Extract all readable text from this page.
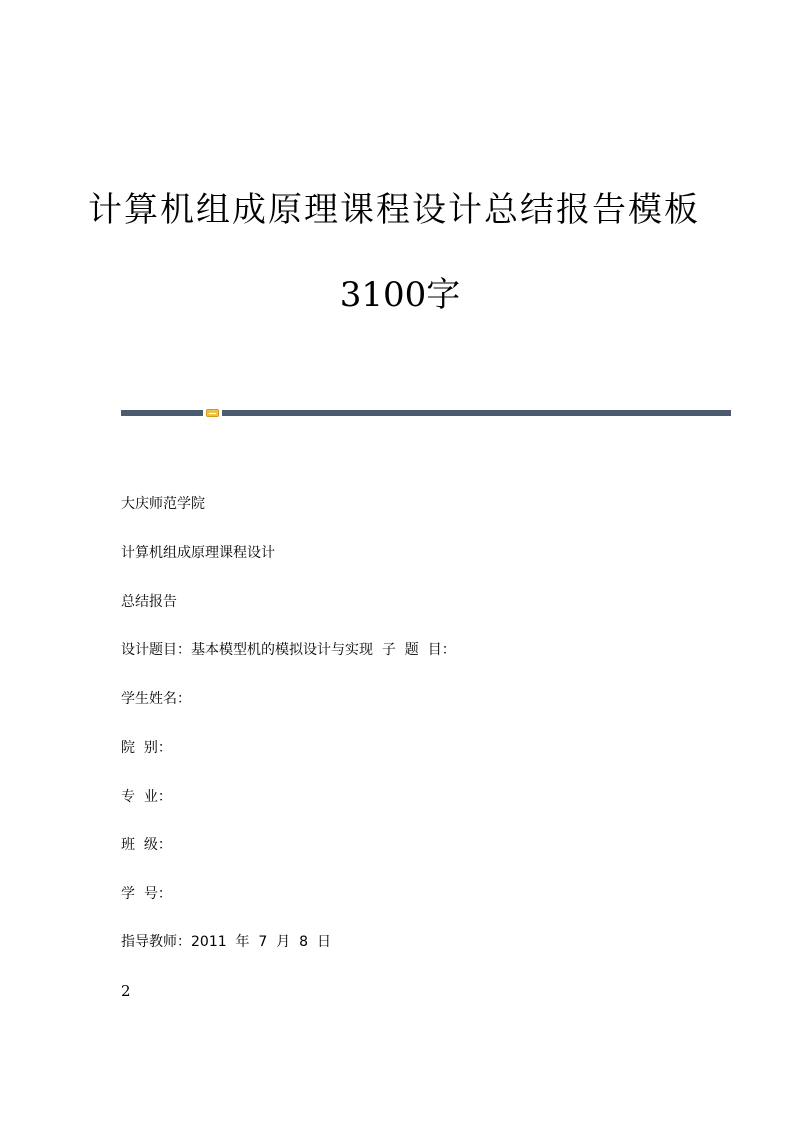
计算机组成原理课程设计总结报告模板
3100字
大庆师范学院
计算机组成原理课程设计
总结报告
设计题目：基本模型机的模拟设计与实现  子  题  目：
学生姓名：
院  别：
专  业：
班  级：
学  号：
指导教师：2011  年  7  月  8  日
2
